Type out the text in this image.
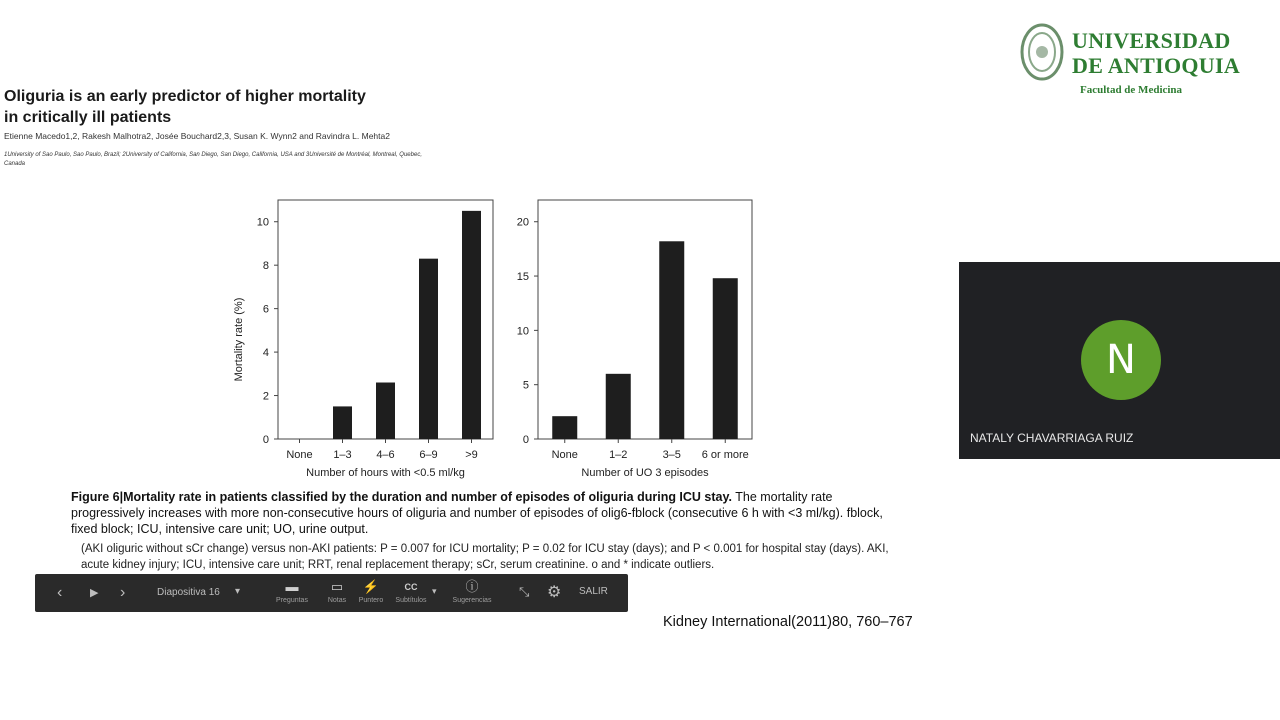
Oliguria is an early predictor of higher mortality
in critically ill patients
Etienne Macedo1,2, Rakesh Malhotra2, Josée Bouchard2,3, Susan K. Wynn2 and Ravindra L. Mehta2
1University of Sao Paulo, Sao Paulo, Brazil; 2University of California, San Diego, San Diego, California, USA and 3Université de Montréal, Montreal, Quebec, Canada
UNIVERSIDAD
DE ANTIOQUIA
Facultad de Medicina
0
2
4
6
8
10
None 1–3 4–6 6–9	>9
Number of hours with <0.5 ml/kg
Mortality rate (%)
0
5
10
15
20
None	1–2	3–5 6 or more
Number of UO 3 episodes
Figure 6|Mortality rate in patients classified by the duration and number of episodes of oliguria during ICU stay. The mortality rate progressively increases with more non-consecutive hours of oliguria and number of episodes of olig6-fblock (consecutive 6 h with <3 ml/kg). fblock, fixed block; ICU, intensive care unit; UO, urine output.
(AKI oliguric without sCr change) versus non-AKI patients: P = 0.007 for ICU mortality; P = 0.02 for ICU stay (days); and P < 0.001 for hospital stay (days). AKI, acute kidney injury; ICU, intensive care unit; RRT, renal replacement therapy; sCr, serum creatinine. o and * indicate outliers.
Kidney International(2011)80, 760–767
‹	▶ ›	Diapositiva 16 ▾	▬
Preguntas
▭
Notas
⚡
Puntero
CC
Subtítulos
▾	ⓘ
Sugerencias
⤡ ⚙ SALIR
N
NATALY CHAVARRIAGA RUIZ
